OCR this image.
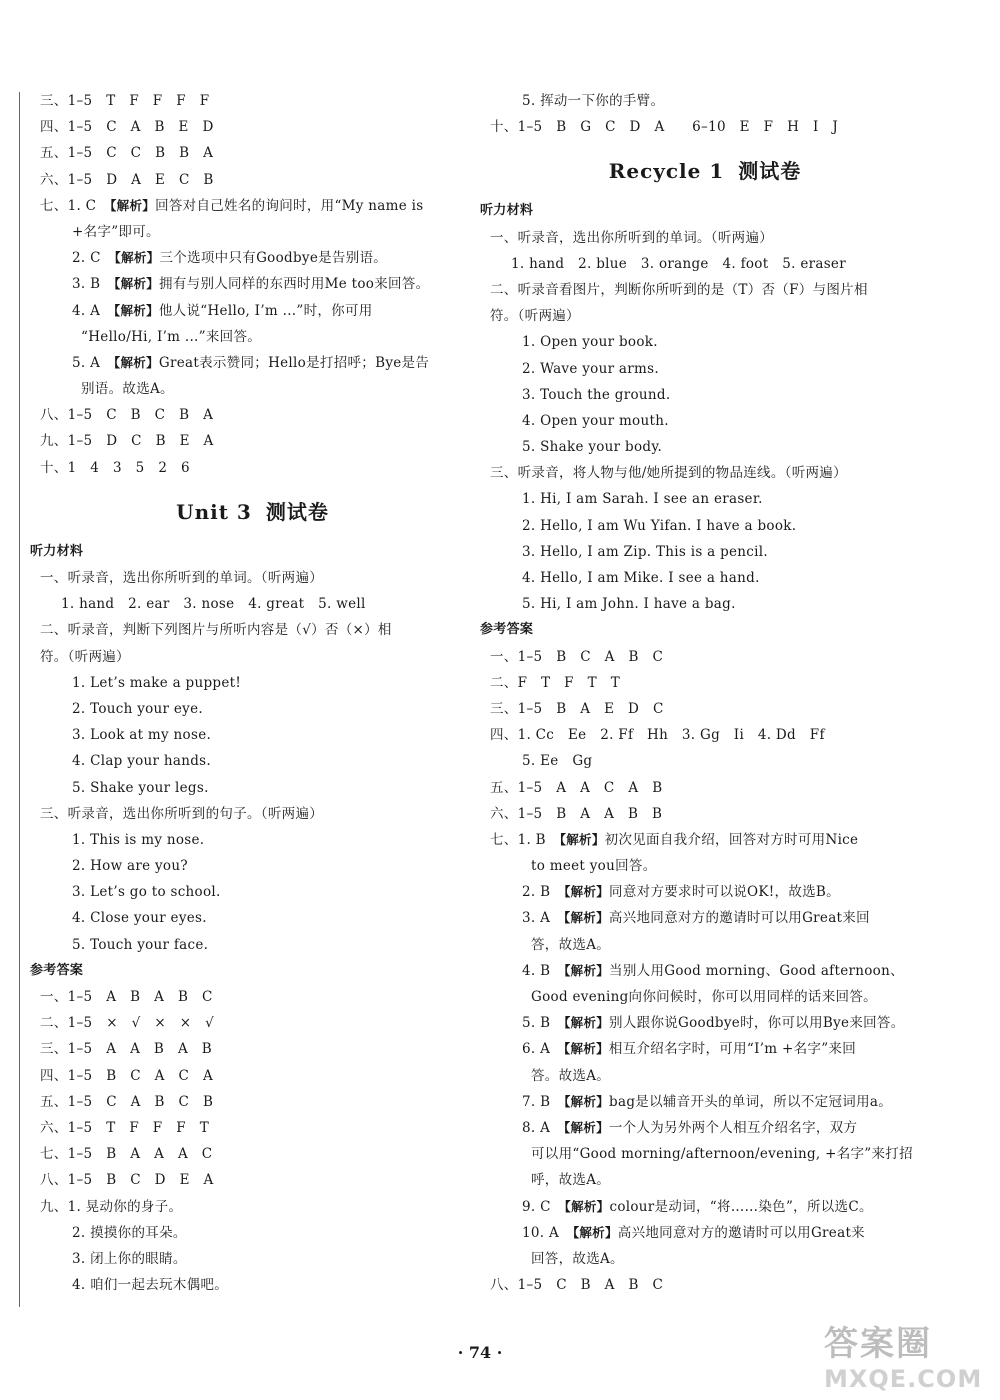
三、1–5　T　F　F　F　F
四、1–5　C　A　B　E　D
五、1–5　C　C　B　B　A
六、1–5　D　A　E　C　B
七、1. C　【解析】回答对自己姓名的询问时，用“My name is
+名字”即可。
2. C　【解析】三个选项中只有Goodbye是告别语。
3. B　【解析】拥有与别人同样的东西时用Me too来回答。
4. A　【解析】他人说“Hello, I’m ...”时，你可用
“Hello/Hi, I’m ...”来回答。
5. A　【解析】Great表示赞同；Hello是打招呼；Bye是告
别语。故选A。
八、1–5　C　B　C　B　A
九、1–5　D　C　B　E　A
十、1　4　3　5　2　6
Unit 3 测试卷
听力材料
一、听录音，选出你所听到的单词。（听两遍）
1. hand　2. ear　3. nose　4. great　5. well
二、听录音，判断下列图片与所听内容是（√）否（×）相
符。（听两遍）
1. Let’s make a puppet!
2. Touch your eye.
3. Look at my nose.
4. Clap your hands.
5. Shake your legs.
三、听录音，选出你所听到的句子。（听两遍）
1. This is my nose.
2. How are you?
3. Let’s go to school.
4. Close your eyes.
5. Touch your face.
参考答案
一、1–5　A　B　A　B　C
二、1–5　×　√　×　×　√
三、1–5　A　A　B　A　B
四、1–5　B　C　A　C　A
五、1–5　C　A　B　C　B
六、1–5　T　F　F　F　T
七、1–5　B　A　A　A　C
八、1–5　B　C　D　E　A
九、1. 晃动你的身子。
2. 摸摸你的耳朵。
3. 闭上你的眼睛。
4. 咱们一起去玩木偶吧。
5. 挥动一下你的手臂。
十、1–5　B　G　C　D　A　　6–10　E　F　H　I　J
Recycle 1 测试卷
听力材料
一、听录音，选出你所听到的单词。（听两遍）
1. hand　2. blue　3. orange　4. foot　5. eraser
二、听录音看图片，判断你所听到的是（T）否（F）与图片相
符。（听两遍）
1. Open your book.
2. Wave your arms.
3. Touch the ground.
4. Open your mouth.
5. Shake your body.
三、听录音，将人物与他/她所提到的物品连线。（听两遍）
1. Hi, I am Sarah. I see an eraser.
2. Hello, I am Wu Yifan. I have a book.
3. Hello, I am Zip. This is a pencil.
4. Hello, I am Mike. I see a hand.
5. Hi, I am John. I have a bag.
参考答案
一、1–5　B　C　A　B　C
二、F　T　F　T　T
三、1–5　B　A　E　D　C
四、1. Cc　Ee　2. Ff　Hh　3. Gg　Ii　4. Dd　Ff
5. Ee　Gg
五、1–5　A　A　C　A　B
六、1–5　B　A　A　B　B
七、1. B　【解析】初次见面自我介绍，回答对方时可用Nice
to meet you回答。
2. B　【解析】同意对方要求时可以说OK!，故选B。
3. A　【解析】高兴地同意对方的邀请时可以用Great来回
答，故选A。
4. B　【解析】当别人用Good morning、Good afternoon、
Good evening向你问候时，你可以用同样的话来回答。
5. B　【解析】别人跟你说Goodbye时，你可以用Bye来回答。
6. A　【解析】相互介绍名字时，可用“I’m +名字”来回
答。故选A。
7. B　【解析】bag是以辅音开头的单词，所以不定冠词用a。
8. A　【解析】一个人为另外两个人相互介绍名字，双方
可以用“Good morning/afternoon/evening, +名字”来打招
呼，故选A。
9. C　【解析】colour是动词，“将……染色”，所以选C。
10. A　【解析】高兴地同意对方的邀请时可以用Great来
回答，故选A。
八、1–5　C　B　A　B　C
· 74 ·	答案圈
MXQE.COM
